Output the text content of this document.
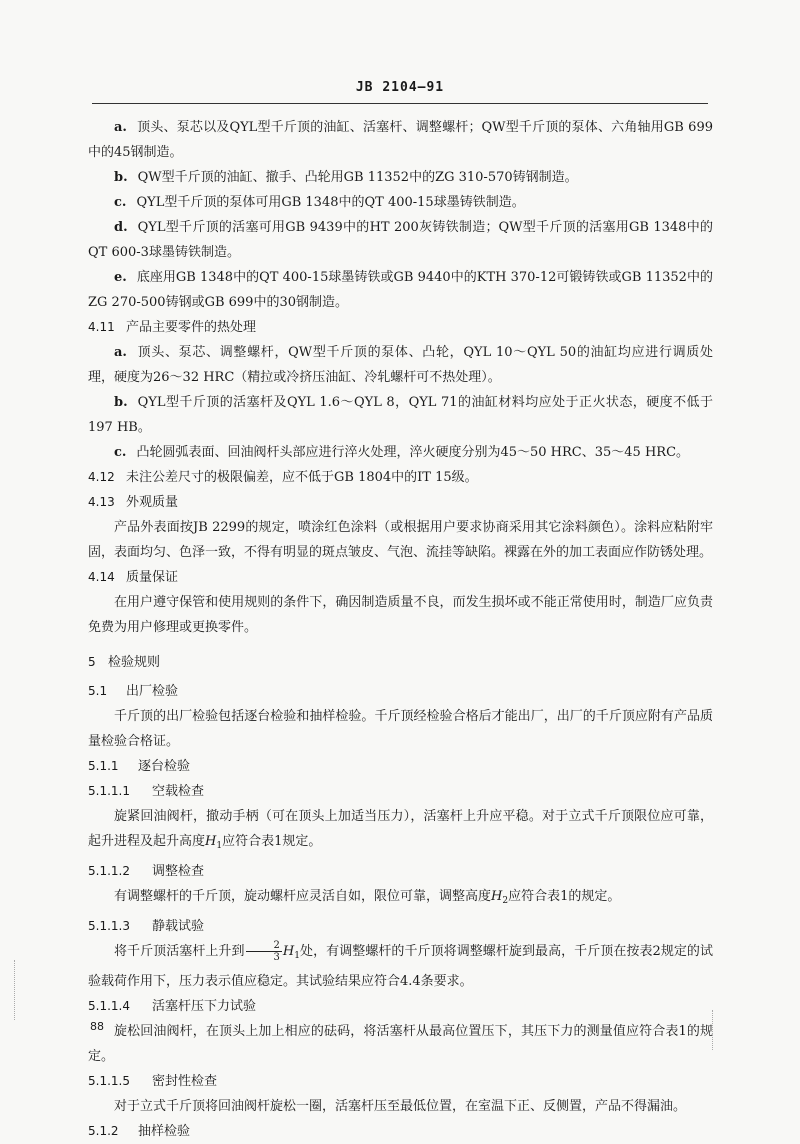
JB 2104—91

a. 顶头、泵芯以及QYL型千斤顶的油缸、活塞杆、调整螺杆；QW型千斤顶的泵体、六角轴用GB 699中的45钢制造。

b. QW型千斤顶的油缸、撤手、凸轮用GB 11352中的ZG 310-570铸钢制造。

c. QYL型千斤顶的泵体可用GB 1348中的QT 400-15球墨铸铁制造。

d. QYL型千斤顶的活塞可用GB 9439中的HT 200灰铸铁制造；QW型千斤顶的活塞用GB 1348中的QT 600-3球墨铸铁制造。

e. 底座用GB 1348中的QT 400-15球墨铸铁或GB 9440中的KTH 370-12可锻铸铁或GB 11352中的ZG 270-500铸钢或GB 699中的30钢制造。

4.11 产品主要零件的热处理

a. 顶头、泵芯、调整螺杆，QW型千斤顶的泵体、凸轮，QYL 10～QYL 50的油缸均应进行调质处理，硬度为26～32 HRC（精拉或冷挤压油缸、冷轧螺杆可不热处理）。

b. QYL型千斤顶的活塞杆及QYL 1.6～QYL 8，QYL 71的油缸材料均应处于正火状态，硬度不低于197 HB。

c. 凸轮圆弧表面、回油阀杆头部应进行淬火处理，淬火硬度分别为45～50 HRC、35～45 HRC。

4.12 未注公差尺寸的极限偏差，应不低于GB 1804中的IT 15级。

4.13 外观质量

产品外表面按JB 2299的规定，喷涂红色涂料（或根据用户要求协商采用其它涂料颜色）。涂料应粘附牢固，表面均匀、色泽一致，不得有明显的斑点皱皮、气泡、流挂等缺陷。裸露在外的加工表面应作防锈处理。

4.14 质量保证

在用户遵守保管和使用规则的条件下，确因制造质量不良，而发生损坏或不能正常使用时，制造厂应负责免费为用户修理或更换零件。

5 检验规则

5.1 出厂检验

千斤顶的出厂检验包括逐台检验和抽样检验。千斤顶经检验合格后才能出厂，出厂的千斤顶应附有产品质量检验合格证。

5.1.1 逐台检验

5.1.1.1 空载检查

旋紧回油阀杆，撤动手柄（可在顶头上加适当压力），活塞杆上升应平稳。对于立式千斤顶限位应可靠，起升进程及起升高度$H_1$应符合表1规定。

5.1.1.2 调整检查

有调整螺杆的千斤顶，旋动螺杆应灵活自如，限位可靠，调整高度$H_2$应符合表1的规定。

5.1.1.3 静载试验

将千斤顶活塞杆上升到 $\frac{2}{3} H_1$处，有调整螺杆的千斤顶将调整螺杆旋到最高，千斤顶在按表2规定的试验载荷作用下，压力表示值应稳定。其试验结果应符合4.4条要求。

5.1.1.4 活塞杆压下力试验

旋松回油阀杆，在顶头上加上相应的砝码，将活塞杆从最高位置压下，其压下力的测量值应符合表1的规定。

5.1.1.5 密封性检查

对于立式千斤顶将回油阀杆旋松一圈，活塞杆压至最低位置，在室温下正、反侧置，产品不得漏油。

5.1.2 抽样检验

88
